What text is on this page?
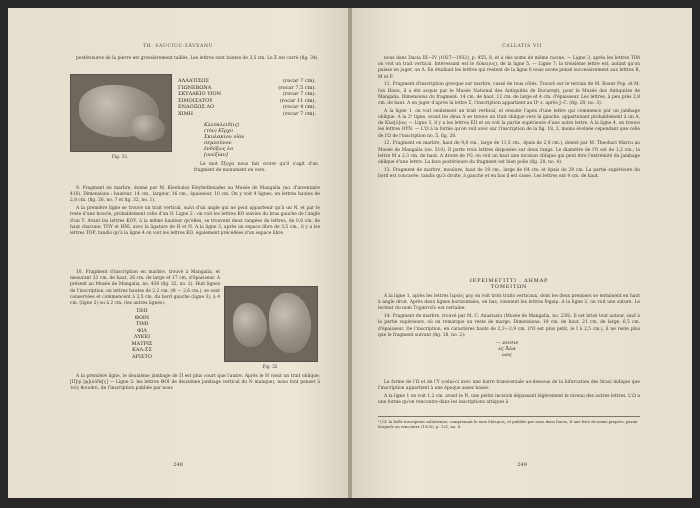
TH. SAUCIUC-SĂVEANU

postérieures de la pierre est grossièrement taillés. Les lettres sont hautes de 3,5 cm. Le Σ est carré (fig. 34).

Fig. 33.
ΑΛΛΑΤΙΣΩΣ	(rocar 7 cm).
ΓΙΩΝΕΒΩΝΑ	(rocar 7,5 cm).
ΣΚΥΛΑΚΙΟ ΥΙΟΝ	(rocar 7 cm).
ΣΙΜΟΙΣΑΤΟΥ	(rocar 11 cm).
ΕΝΔΟΞΩΣ ΛΟ	(rocar 4 cm).
ΧΙΜΗ	(rocar 7 cm).
Κλεόκλειδ(ις)
(τὸν) Εἴρχυ
Σκυλακίου υἱὸν
σεμνοῦνον
ἐνδόξως λο
[υνεξίαν]

Le mot ἔξοχα nous fait croire qu'il s'agit d'un fragment de monument en vers.

9. Fragment en marbre, donné par M. Kleobulos Eleyhetheiades au Musée de Mangalia (no. d'inventaire 416). Dimensions : hauteur, 14 cm., largeur, 16 cm., épaisseur, 10 cm. On y voit 4 lignes, en lettres hautes de 2,8 cm. (fig. 26, no. 7 et fig. 32, no. 1).

A la première ligne se trouve un trait vertical, suivi d'un angle qui ne peut appartenir qu'à un N, et par le reste d'une boucle, probablement celle d'un O. Ligne 2 : on voit les lettres ΚΟ suivies du bras gauche de l'angle d'un Υ. Avant les lettres ΚΟΥ, à la même hauteur qu'elles, se trouvent deux rangées de lettres, de 0,6 cm. de haut chacune: ΤΟΥ et ΗΝΙ, avec la ligature de Η et Ν. A la ligne 3, après un espace libre de 3,5 cm., il y a les lettres ΤΟΡ, tandis qu'à la ligne 4 on voit les lettres ΚΟ, également précédées d'un espace libre.

10. Fragment d'inscription en marbre, trouvé à Mangalia, et mesurant 33 cm. de haut, 26 cm. de large et 17 cm. d'épaisseur. A présent au Musée de Mangalia, no. 430 (fig. 32, no. 2). Huit lignes de l'inscription, en lettres hautes de 2,2 cm. (Φ — 2,6 cm.), se sont conservées et commencent à 3,5 cm. du bord gauche (ligne 3), à 4 cm. (ligne 2) ou à 2 cm. (les autres lignes).

Fig. 32
ΠΗΙ
ΘΟΙΝ
ΤΙΜΙ
ΦΙΛ
ΛΥΚΕΙ
ΜΑΤΡΙΣ
ΚΑΛ-ΣΣ
ΑΡΙΣΤΟ

A la première ligne, le deuxième jambage de Π est plus court que l'autre. Après le Η vient un trait oblique; [Π]ηι [φ]ιλόδε[ς] — Ligne 2: les lettres ΘΟΙ de deuxième jambage vertical du N manque), nous font penser à τοῖς θοινᾶσι, de l'inscription publiée par nous

248
CALLATIS VII

nous dans Dacia III—IV (1927—1932), p. 455, 8, et à des noms de même racine. — Ligne 3, après les lettres ΤΙΜ on voit un trait vertical. Intéressant est le Λύκει(ος), de la ligne 5. — Ligne 7: la troisième lettre est, autant qu'on puisse en juger, un Λ. En étudiant les lettres qui restent de la ligne 8 nous avons pensé successivement aux lettres Β, Μ et Ρ.

11. Fragment d'inscription grecque sur marbre, cassé de tous côtés. Trouvé sur le terrain de M. Boeur Pop, et M. Ion Hanu, il a été acquis par le Musée National des Antiquités de Bucureşti, pour le Musée des Antiquités de Mangalia. Dimensions du fragment: 14 cm. de haut, 12 cm. de large et 4 cm. d'épaisseur. Les lettres, à peu près 2,8 cm. de haut. A en juger d'après la lettre Σ, l'inscription appartient au IIᵉ s. après J.-C. (fig. 28, no. 3).

A la ligne 1, on voit seulement un trait vertical, et ensuite l'apex d'une lettre qui commence par un jambage oblique. A la 2ᵉ ligne, avant les deux Λ se trouve un trait oblique vers la gauche, appartenant probablement à un Α, de Κλα[ύ]ιος — Ligne 3, il y a les lettres ΕΙΙ et on voit la partie supérieure d'une autre lettre. A la ligne 4, on trouve les lettres ΟΥΝ. — L'Ω à la forme qu'on voit avec sur l'inscription de la fig. 18, 2, moins évoluée cependant que celle de l'Ω de l'inscription no. 5, fig. 28.

12. Fragment en marbre, haut de 9,8 cm., large de 11,5 cm., épais de 2,8 cm.), donné par M. Theohari Marcu au Musée de Mangalia (no. 510). Il porte trois lettres disposées sur deux rangs. Le diamètre de l'O est de 1,2 cm.; la lettre M a 2,3 cm. de haut. A droite de l'O, on voit un haut une incision oblique qui peut être l'extrémité du jambage oblique d'une lettre. La face postérieure du fragment est bien polie (fig. 28, no. 4).

13. Fragment de marbre, moulure, haut de 19 cm., large de 64 cm. et épais de 29 cm. La partie supérieure du bord est concavée, tandis qu'à droite, à gauche et en bas il est cassé. Les lettres ont 4 cm. de haut.

ΙΕΡΕΙΜΕΓΙΤΤΙ . ΔΗΜΑΡ
ΤΟΜΕΙΤΩΝ

A la ligne 1, après les lettres ἱερεὺς μεγ on voit trois traits verticaux, dont les deux premiers se terminent en haut à angle droit. Après deux lignes horizontales, en bas, viennent les lettres δημαρ. A la ligne 2, on voit une suture. Le lecteur du nom Τυχαστεῖν est certaine.

14. Fragment de marbre, trouvé par M. C. Anastasiu (Musée de Mangalia, no. 236). Il est brisé tout autour, sauf à la partie supérieure, où on remarque un reste de marge. Dimensions: 19 cm. de haut, 21 cm. de large, 6,5 cm. d'épaisseur. De l'inscription, en caractères hauts de 2,3—2,9 cm. (l'O est plus petit, le Ι à 2,5 cm.), il ne reste plus que le fragment suivant (fig. 18, no. 2):

— νεισιν
ες Ἄλα
ωος

La forme de l'Ω et de l'Υ (celui-ci avec une barre transversale au-dessous de la bifurcation des bras) indique que l'inscription appartient à une époque assez basse.

A la ligne 1 on voit 1,2 cm. avant le Ν, une petite incision dépassant légèrement le niveau des autres lettres. L'Ω a une forme qu'on rencontre dans les inscriptions attiques à

¹) Cf. la belle inscription callatienne, comprenant le nom Μάτριος, et publiée par nous dans Dacia, II une liste de noms propres, parmi lesquels on rencontre (1925), p. 121, no. 4.
249
